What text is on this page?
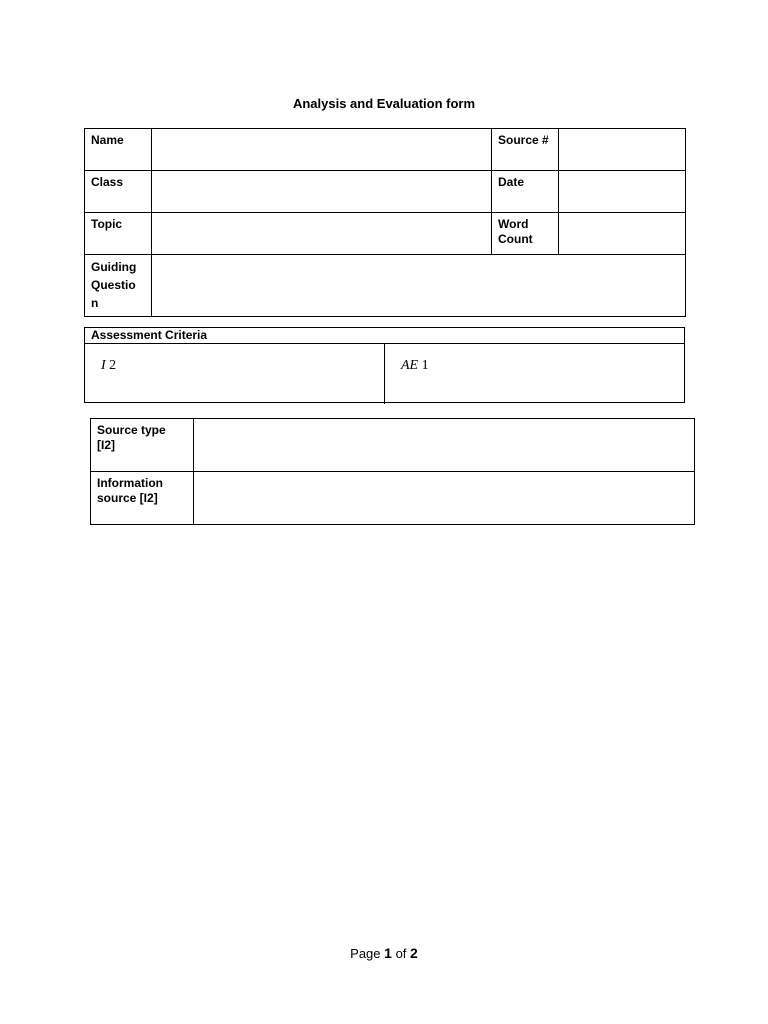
Analysis and Evaluation form
Name		Source #	

Class		Date	

Topic		Word
Count	

Guiding
Questio
n			

Assessment Criteria
I 2	AE 1
Source type
[I2]	

Information
source [I2]	

Page 1 of 2
